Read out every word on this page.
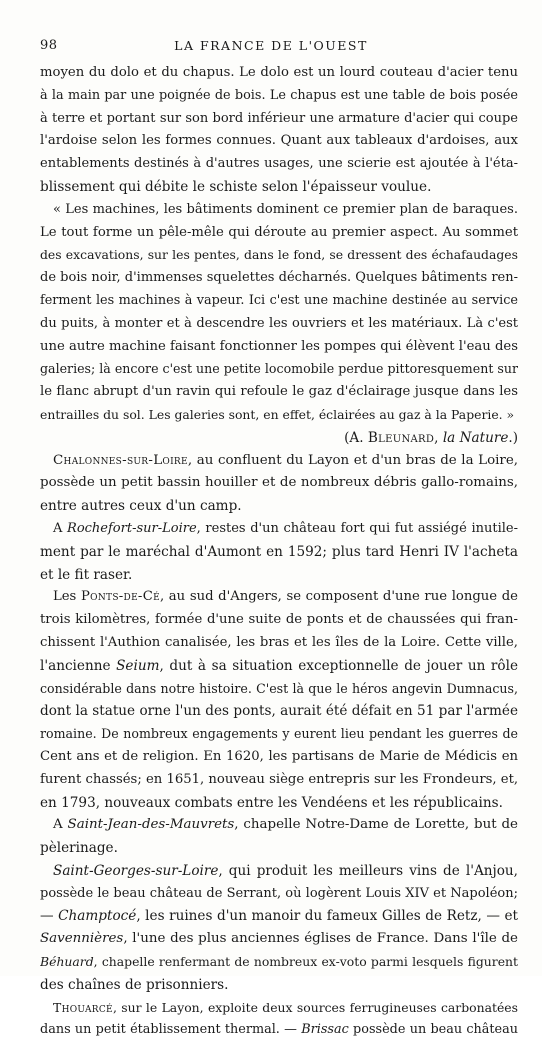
98	LA FRANCE DE L'OUEST
moyen du dolo et du chapus. Le dolo est un lourd couteau d'acier tenu
à la main par une poignée de bois. Le chapus est une table de bois posée
à terre et portant sur son bord inférieur une armature d'acier qui coupe
l'ardoise selon les formes connues. Quant aux tableaux d'ardoises, aux
entablements destinés à d'autres usages, une scierie est ajoutée à l'éta-
blissement qui débite le schiste selon l'épaisseur voulue.
« Les machines, les bâtiments dominent ce premier plan de baraques.
Le tout forme un pêle-mêle qui déroute au premier aspect. Au sommet
des excavations, sur les pentes, dans le fond, se dressent des échafaudages
de bois noir, d'immenses squelettes décharnés. Quelques bâtiments ren-
ferment les machines à vapeur. Ici c'est une machine destinée au service
du puits, à monter et à descendre les ouvriers et les matériaux. Là c'est
une autre machine faisant fonctionner les pompes qui élèvent l'eau des
galeries; là encore c'est une petite locomobile perdue pittoresquement sur
le flanc abrupt d'un ravin qui refoule le gaz d'éclairage jusque dans les
entrailles du sol. Les galeries sont, en effet, éclairées au gaz à la Paperie. »
(A. Bleunard, la Nature.)
Chalonnes-sur-Loire, au confluent du Layon et d'un bras de la Loire,
possède un petit bassin houiller et de nombreux débris gallo-romains,
entre autres ceux d'un camp.
A Rochefort-sur-Loire, restes d'un château fort qui fut assiégé inutile-
ment par le maréchal d'Aumont en 1592; plus tard Henri IV l'acheta
et le fit raser.
Les Ponts-de-Cé, au sud d'Angers, se composent d'une rue longue de
trois kilomètres, formée d'une suite de ponts et de chaussées qui fran-
chissent l'Authion canalisée, les bras et les îles de la Loire. Cette ville,
l'ancienne Seium, dut à sa situation exceptionnelle de jouer un rôle
considérable dans notre histoire. C'est là que le héros angevin Dumnacus,
dont la statue orne l'un des ponts, aurait été défait en 51 par l'armée
romaine. De nombreux engagements y eurent lieu pendant les guerres de
Cent ans et de religion. En 1620, les partisans de Marie de Médicis en
furent chassés; en 1651, nouveau siège entrepris sur les Frondeurs, et,
en 1793, nouveaux combats entre les Vendéens et les républicains.
A Saint-Jean-des-Mauvrets, chapelle Notre-Dame de Lorette, but de
pèlerinage.
Saint-Georges-sur-Loire, qui produit les meilleurs vins de l'Anjou,
possède le beau château de Serrant, où logèrent Louis XIV et Napoléon;
— Champtocé, les ruines d'un manoir du fameux Gilles de Retz, — et
Savennières, l'une des plus anciennes églises de France. Dans l'île de
Béhuard, chapelle renfermant de nombreux ex-voto parmi lesquels figurent
des chaînes de prisonniers.
Thouarcé, sur le Layon, exploite deux sources ferrugineuses carbonatées
dans un petit établissement thermal. — Brissac possède un beau château
